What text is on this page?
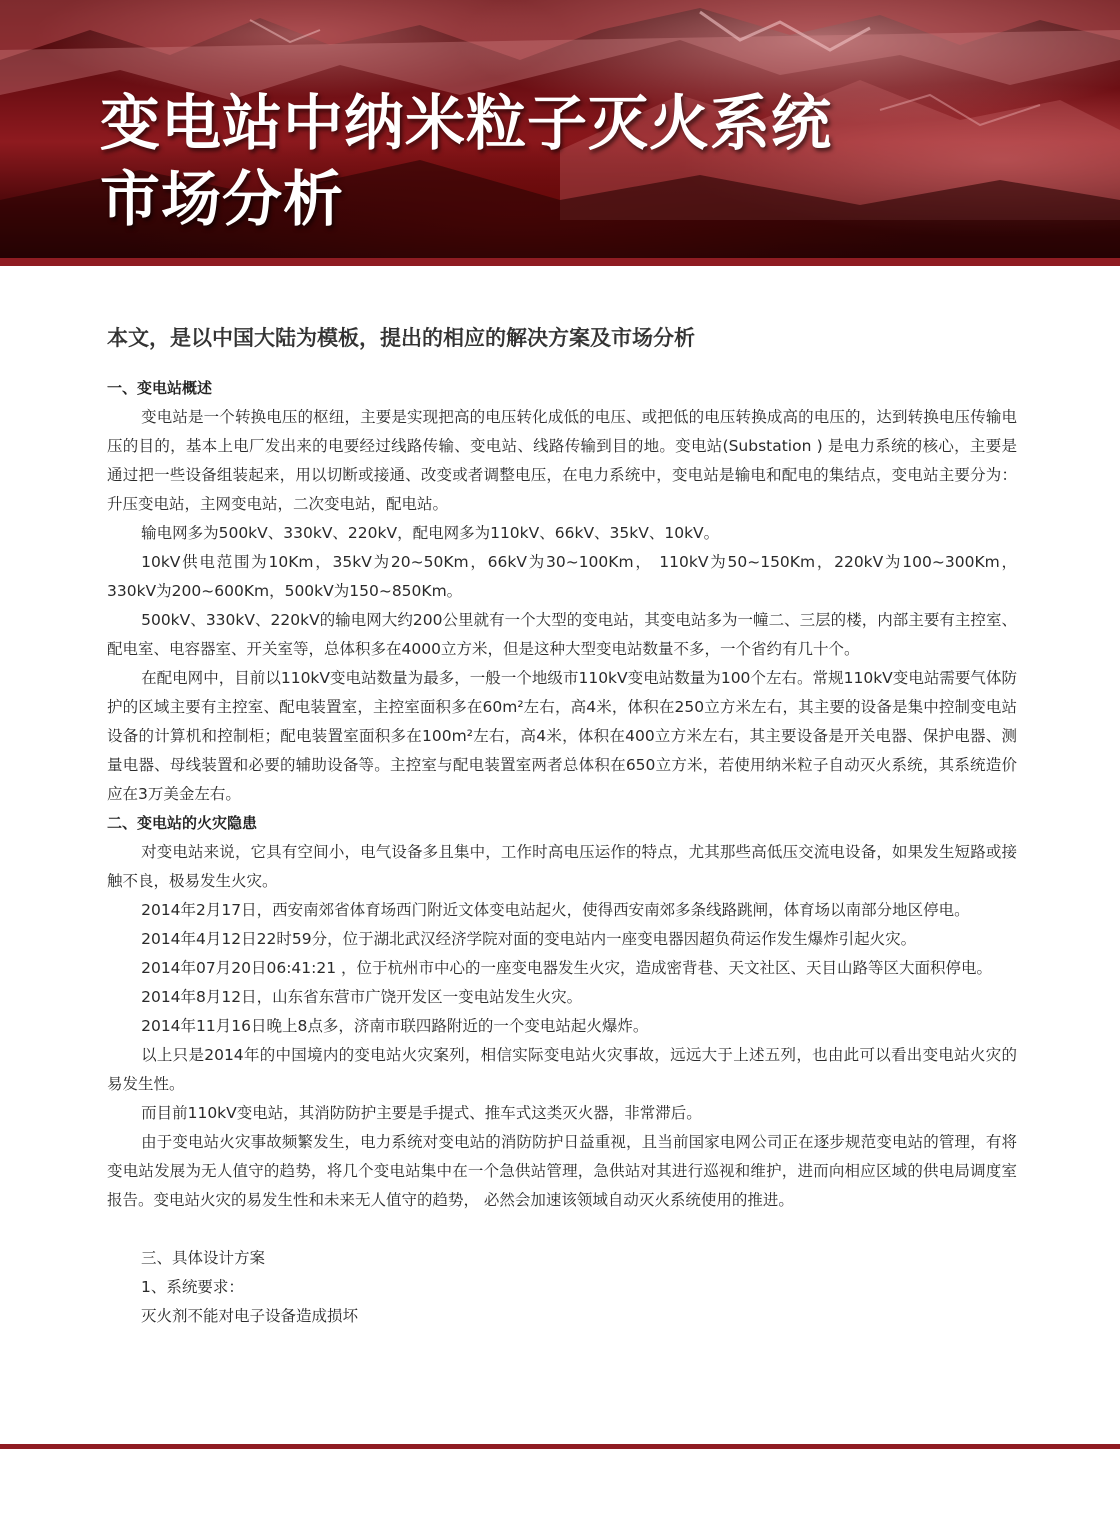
变电站中纳米粒子灭火系统
市场分析
本文，是以中国大陆为模板，提出的相应的解决方案及市场分析
一、变电站概述

变电站是一个转换电压的枢纽，主要是实现把高的电压转化成低的电压、或把低的电压转换成高的电压的，达到转换电压传输电压的目的，基本上电厂发出来的电要经过线路传输、变电站、线路传输到目的地。变电站(Substation ) 是电力系统的核心，主要是通过把一些设备组装起来，用以切断或接通、改变或者调整电压，在电力系统中，变电站是输电和配电的集结点，变电站主要分为：升压变电站，主网变电站，二次变电站，配电站。

输电网多为500kV、330kV、220kV，配电网多为110kV、66kV、35kV、10kV。

10kV供电范围为10Km，35kV为20~50Km，66kV为30~100Km， 110kV为50~150Km，220kV为100~300Km，330kV为200~600Km，500kV为150~850Km。

500kV、330kV、220kV的输电网大约200公里就有一个大型的变电站，其变电站多为一幢二、三层的楼，内部主要有主控室、配电室、电容器室、开关室等，总体积多在4000立方米，但是这种大型变电站数量不多，一个省约有几十个。

在配电网中，目前以110kV变电站数量为最多，一般一个地级市110kV变电站数量为100个左右。常规110kV变电站需要气体防护的区域主要有主控室、配电装置室，主控室面积多在60m²左右，高4米，体积在250立方米左右，其主要的设备是集中控制变电站设备的计算机和控制柜；配电装置室面积多在100m²左右，高4米，体积在400立方米左右，其主要设备是开关电器、保护电器、测量电器、母线装置和必要的辅助设备等。主控室与配电装置室两者总体积在650立方米，若使用纳米粒子自动灭火系统，其系统造价应在3万美金左右。

二、变电站的火灾隐患

对变电站来说，它具有空间小，电气设备多且集中，工作时高电压运作的特点，尤其那些高低压交流电设备，如果发生短路或接触不良，极易发生火灾。

2014年2月17日，西安南郊省体育场西门附近文体变电站起火，使得西安南郊多条线路跳闸，体育场以南部分地区停电。

2014年4月12日22时59分，位于湖北武汉经济学院对面的变电站内一座变电器因超负荷运作发生爆炸引起火灾。

2014年07月20日06:41:21 ，位于杭州市中心的一座变电器发生火灾，造成密背巷、天文社区、天目山路等区大面积停电。

2014年8月12日，山东省东营市广饶开发区一变电站发生火灾。

2014年11月16日晚上8点多，济南市联四路附近的一个变电站起火爆炸。

以上只是2014年的中国境内的变电站火灾案列，相信实际变电站火灾事故，远远大于上述五列，也由此可以看出变电站火灾的易发生性。

而目前110kV变电站，其消防防护主要是手提式、推车式这类灭火器，非常滞后。

由于变电站火灾事故频繁发生，电力系统对变电站的消防防护日益重视，且当前国家电网公司正在逐步规范变电站的管理，有将变电站发展为无人值守的趋势，将几个变电站集中在一个急供站管理，急供站对其进行巡视和维护，进而向相应区域的供电局调度室报告。变电站火灾的易发生性和未来无人值守的趋势， 必然会加速该领域自动灭火系统使用的推进。

三、具体设计方案

1、系统要求：

灭火剂不能对电子设备造成损坏
